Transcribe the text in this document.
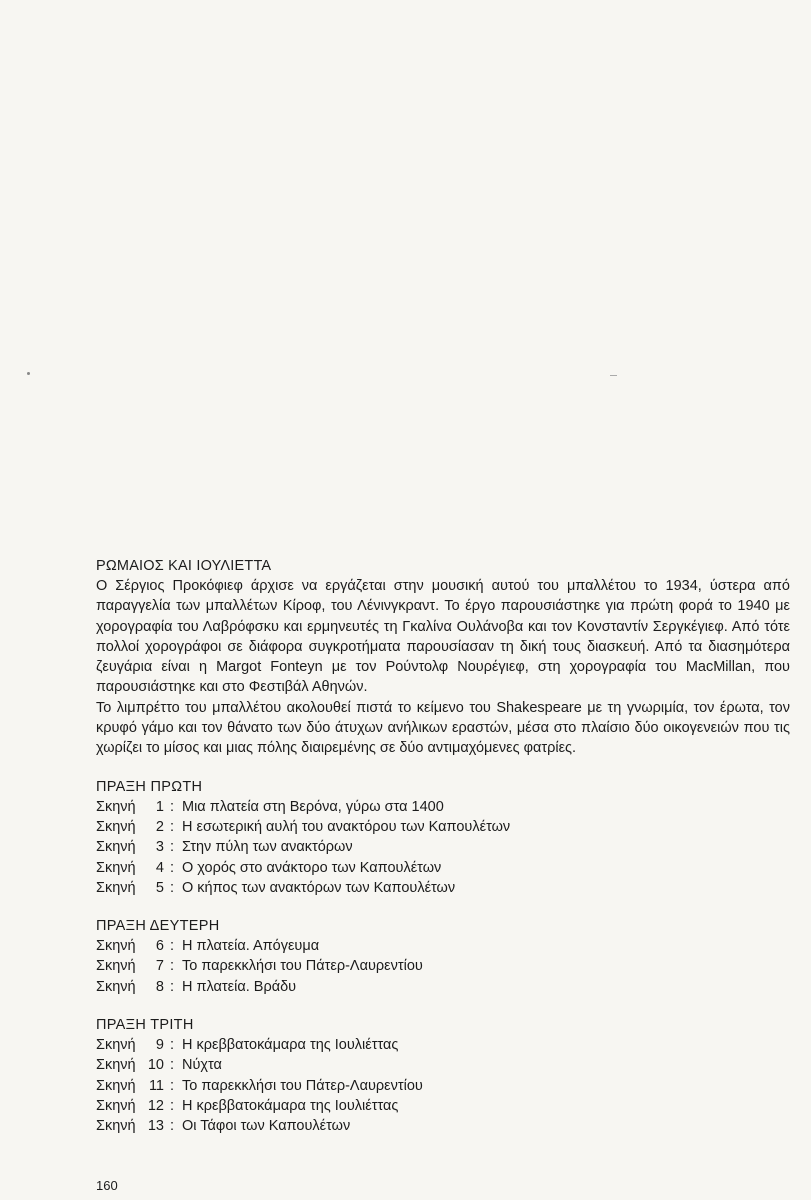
ΡΩΜΑΙΟΣ ΚΑΙ ΙΟΥΛΙΕΤΤΑ

Ο Σέργιος Προκόφιεφ άρχισε να εργάζεται στην μουσική αυτού του μπαλλέτου το 1934, ύστερα από παραγγελία των μπαλλέτων Κίροφ, του Λένινγκραντ. Το έργο παρουσιάστηκε για πρώτη φορά το 1940 με χορογραφία του Λαβρόφσκυ και ερμηνευτές τη Γκαλίνα Ουλάνοβα και τον Κονσταντίν Σεργκέγιεφ. Από τότε πολλοί χορογράφοι σε διάφορα συγκροτήματα παρουσίασαν τη δική τους διασκευή. Από τα διασημότερα ζευγάρια είναι η Margot Fonteyn με τον Ρούντολφ Νουρέγιεφ, στη χορογραφία του MacMillan, που παρουσιάστηκε και στο Φεστιβάλ Αθηνών.

Το λιμπρέττο του μπαλλέτου ακολουθεί πιστά το κείμενο του Shakespeare με τη γνωριμία, τον έρωτα, τον κρυφό γάμο και τον θάνατο των δύο άτυχων ανήλικων εραστών, μέσα στο πλαίσιο δύο οικογενειών που τις χωρίζει το μίσος και μιας πόλης διαιρεμένης σε δύο αντιμαχόμενες φατρίες.

ΠΡΑΞΗ ΠΡΩΤΗ

Σκηνή	1 : Μια πλατεία στη Βερόνα, γύρω στα 1400
Σκηνή	2 : Η εσωτερική αυλή του ανακτόρου των Καπουλέτων
Σκηνή	3 : Στην πύλη των ανακτόρων
Σκηνή	4 : Ο χορός στο ανάκτορο των Καπουλέτων
Σκηνή	5 : Ο κήπος των ανακτόρων των Καπουλέτων

ΠΡΑΞΗ ΔΕΥΤΕΡΗ

Σκηνή	6 : Η πλατεία. Απόγευμα
Σκηνή	7 : Το παρεκκλήσι του Πάτερ-Λαυρεντίου
Σκηνή	8 : Η πλατεία. Βράδυ

ΠΡΑΞΗ ΤΡΙΤΗ

Σκηνή	9 : Η κρεββατοκάμαρα της Ιουλιέττας
Σκηνή 10 : Νύχτα
Σκηνή 11 : Το παρεκκλήσι του Πάτερ-Λαυρεντίου
Σκηνή 12 : Η κρεββατοκάμαρα της Ιουλιέττας
Σκηνή 13 : Οι Τάφοι των Καπουλέτων
160
